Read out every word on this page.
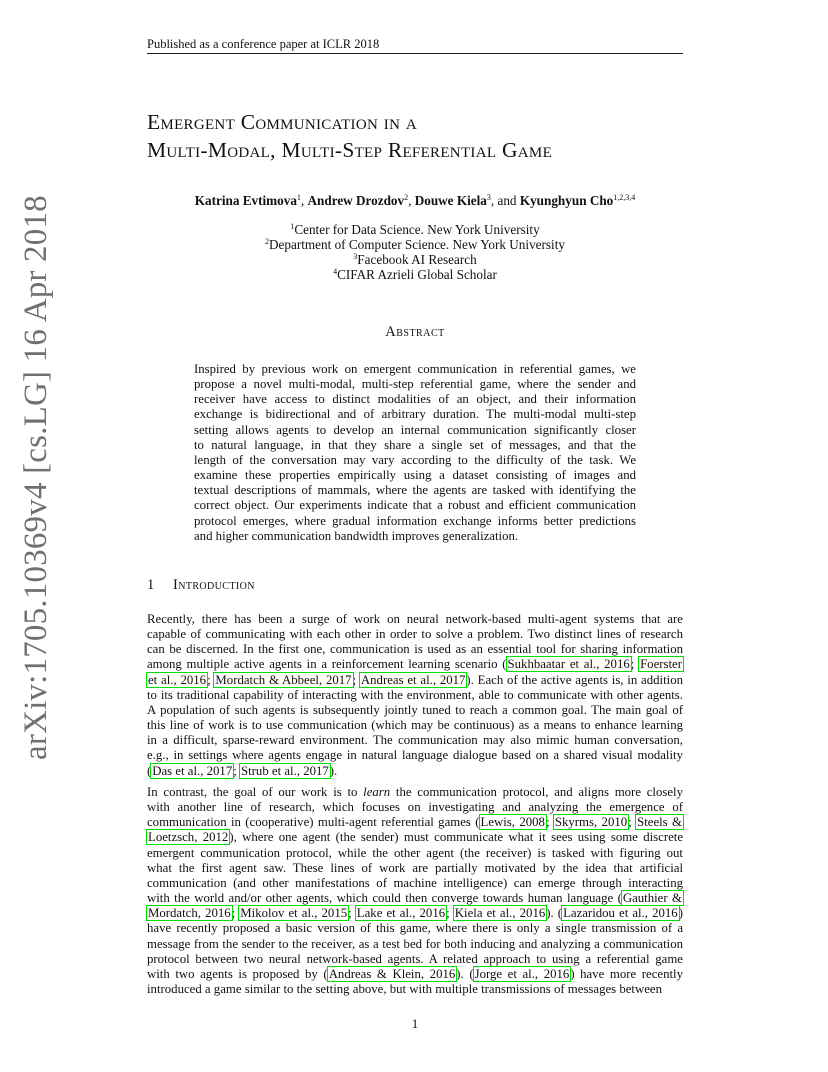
Published as a conference paper at ICLR 2018
arXiv:1705.10369v4 [cs.LG] 16 Apr 2018
Emergent Communication in a
Multi-Modal, Multi-Step Referential Game
Katrina Evtimova$^1$, Andrew Drozdov$^2$, Douwe Kiela$^3$, and Kyunghyun Cho$^{1,2,3,4}$
$^1$Center for Data Science. New York University
$^2$Department of Computer Science. New York University
$^3$Facebook AI Research
$^4$CIFAR Azrieli Global Scholar
Abstract
Inspired by previous work on emergent communication in referential games, we
propose a novel multi-modal, multi-step referential game, where the sender and
receiver have access to distinct modalities of an object, and their information
exchange is bidirectional and of arbitrary duration. The multi-modal multi-step
setting allows agents to develop an internal communication significantly closer
to natural language, in that they share a single set of messages, and that the
length of the conversation may vary according to the difficulty of the task. We
examine these properties empirically using a dataset consisting of images and
textual descriptions of mammals, where the agents are tasked with identifying the
correct object. Our experiments indicate that a robust and efficient communication
protocol emerges, where gradual information exchange informs better predictions
and higher communication bandwidth improves generalization.
1 Introduction
Recently, there has been a surge of work on neural network-based multi-agent systems that are
capable of communicating with each other in order to solve a problem. Two distinct lines of research
can be discerned. In the first one, communication is used as an essential tool for sharing information
among multiple active agents in a reinforcement learning scenario (Sukhbaatar et al., 2016; Foerster
et al., 2016; Mordatch & Abbeel, 2017; Andreas et al., 2017). Each of the active agents is, in addition
to its traditional capability of interacting with the environment, able to communicate with other agents.
A population of such agents is subsequently jointly tuned to reach a common goal. The main goal of
this line of work is to use communication (which may be continuous) as a means to enhance learning
in a difficult, sparse-reward environment. The communication may also mimic human conversation,
e.g., in settings where agents engage in natural language dialogue based on a shared visual modality
(Das et al., 2017; Strub et al., 2017).
In contrast, the goal of our work is to learn the communication protocol, and aligns more closely
with another line of research, which focuses on investigating and analyzing the emergence of
communication in (cooperative) multi-agent referential games (Lewis, 2008; Skyrms, 2010; Steels &
Loetzsch, 2012), where one agent (the sender) must communicate what it sees using some discrete
emergent communication protocol, while the other agent (the receiver) is tasked with figuring out
what the first agent saw. These lines of work are partially motivated by the idea that artificial
communication (and other manifestations of machine intelligence) can emerge through interacting
with the world and/or other agents, which could then converge towards human language (Gauthier &
Mordatch, 2016; Mikolov et al., 2015; Lake et al., 2016; Kiela et al., 2016). (Lazaridou et al., 2016)
have recently proposed a basic version of this game, where there is only a single transmission of a
message from the sender to the receiver, as a test bed for both inducing and analyzing a communication
protocol between two neural network-based agents. A related approach to using a referential game
with two agents is proposed by (Andreas & Klein, 2016). (Jorge et al., 2016) have more recently
introduced a game similar to the setting above, but with multiple transmissions of messages between
1
